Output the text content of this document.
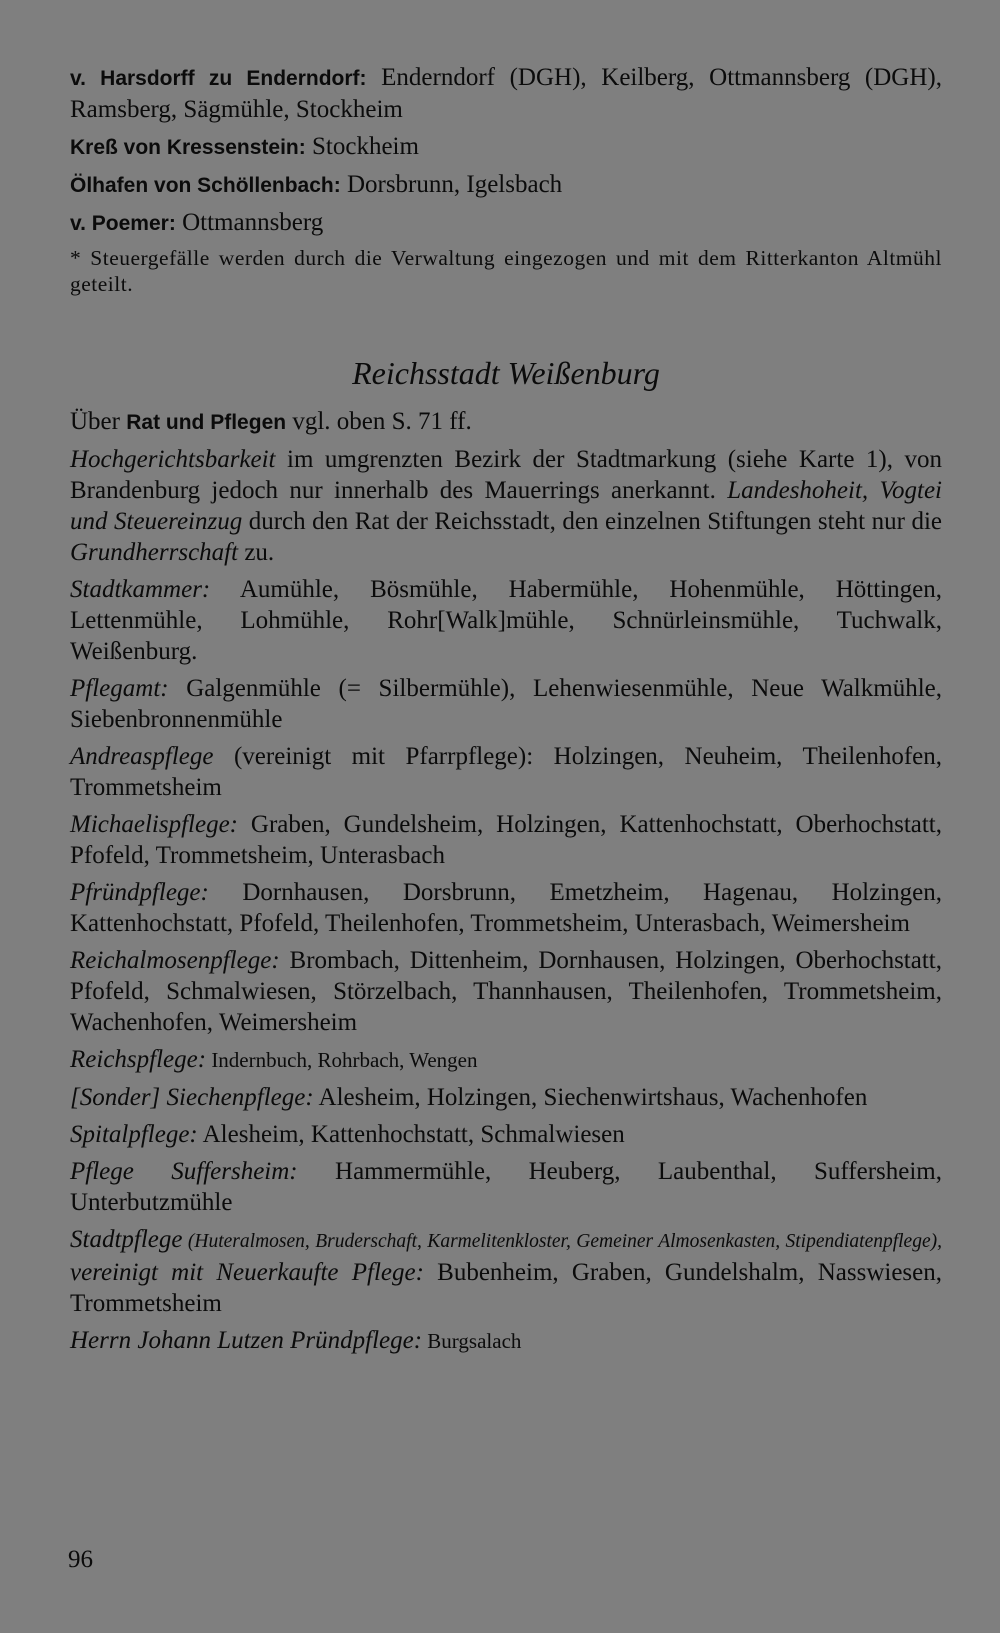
v. Harsdorff zu Enderndorf: Enderndorf (DGH), Keilberg, Ottmannsberg (DGH), Ramsberg, Sägmühle, Stockheim
Kreß von Kressenstein: Stockheim
Ölhafen von Schöllenbach: Dorsbrunn, Igelsbach
v. Poemer: Ottmannsberg
* Steuergefälle werden durch die Verwaltung eingezogen und mit dem Ritterkanton Altmühl geteilt.
Reichsstadt Weißenburg
Über Rat und Pflegen vgl. oben S. 71 ff.
Hochgerichtsbarkeit im umgrenzten Bezirk der Stadtmarkung (siehe Karte 1), von Brandenburg jedoch nur innerhalb des Mauerrings anerkannt. Landeshoheit, Vogtei und Steuereinzug durch den Rat der Reichsstadt, den einzelnen Stiftungen steht nur die Grundherrschaft zu.
Stadtkammer: Aumühle, Bösmühle, Habermühle, Hohenmühle, Höttingen, Lettenmühle, Lohmühle, Rohr[Walk]mühle, Schnürleinsmühle, Tuchwalk, Weißenburg.
Pflegamt: Galgenmühle (= Silbermühle), Lehenwiesenmühle, Neue Walkmühle, Siebenbronnenmühle
Andreaspflege (vereinigt mit Pfarrpflege): Holzingen, Neuheim, Theilenhofen, Trommetsheim
Michaelispflege: Graben, Gundelsheim, Holzingen, Kattenhochstatt, Oberhochstatt, Pfofeld, Trommetsheim, Unterasbach
Pfründpflege: Dornhausen, Dorsbrunn, Emetzheim, Hagenau, Holzingen, Kattenhochstatt, Pfofeld, Theilenhofen, Trommetsheim, Unterasbach, Weimersheim
Reichalmosenpflege: Brombach, Dittenheim, Dornhausen, Holzingen, Oberhochstatt, Pfofeld, Schmalwiesen, Störzelbach, Thannhausen, Theilenhofen, Trommetsheim, Wachenhofen, Weimersheim
Reichspflege: Indernbuch, Rohrbach, Wengen
[Sonder] Siechenpflege: Alesheim, Holzingen, Siechenwirtshaus, Wachenhofen
Spitalpflege: Alesheim, Kattenhochstatt, Schmalwiesen
Pflege Suffersheim: Hammermühle, Heuberg, Laubenthal, Suffersheim, Unterbutzmühle
Stadtpflege (Huteralmosen, Bruderschaft, Karmelitenkloster, Gemeiner Almosenkasten, Stipendiatenpflege), vereinigt mit Neuerkaufte Pflege: Bubenheim, Graben, Gundelshalm, Nasswiesen, Trommetsheim
Herrn Johann Lutzen Pründpflege: Burgsalach
96
